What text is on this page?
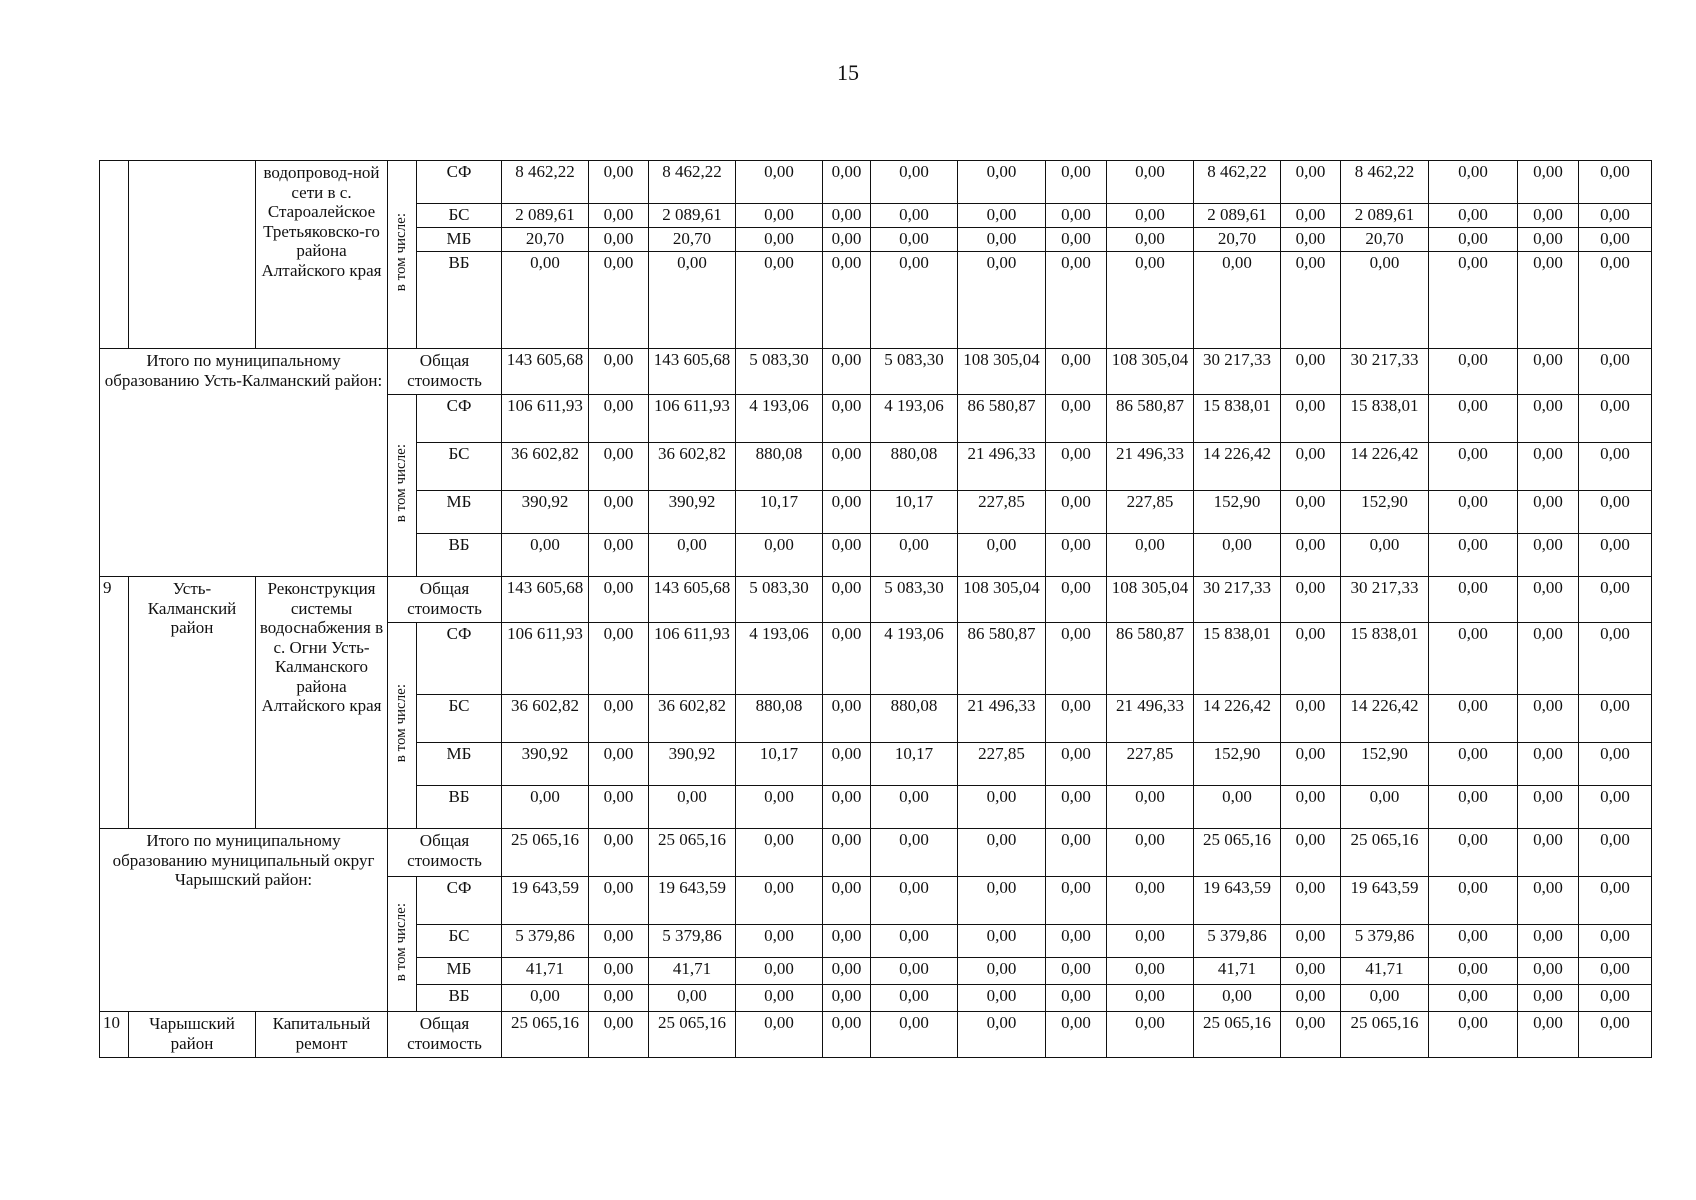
15
		водопровод-ной сети в с. Староалейское Третьяковско-го района Алтайского края	в том числе:	СФ	8 462,22	0,00	8 462,22	0,00	0,00	0,00	0,00	0,00	0,00	8 462,22	0,00	8 462,22	0,00	0,00	0,00
				БС	2 089,61	0,00	2 089,61	0,00	0,00	0,00	0,00	0,00	0,00	2 089,61	0,00	2 089,61	0,00	0,00	0,00
				МБ	20,70	0,00	20,70	0,00	0,00	0,00	0,00	0,00	0,00	20,70	0,00	20,70	0,00	0,00	0,00
				ВБ	0,00	0,00	0,00	0,00	0,00	0,00	0,00	0,00	0,00	0,00	0,00	0,00	0,00	0,00	0,00
Итого по муниципальному образованию Усть-Калманский район:			Общая стоимость		143 605,68	0,00	143 605,68	5 083,30	0,00	5 083,30	108 305,04	0,00	108 305,04	30 217,33	0,00	30 217,33	0,00	0,00	0,00
			в том числе:	СФ	106 611,93	0,00	106 611,93	4 193,06	0,00	4 193,06	86 580,87	0,00	86 580,87	15 838,01	0,00	15 838,01	0,00	0,00	0,00
				БС	36 602,82	0,00	36 602,82	880,08	0,00	880,08	21 496,33	0,00	21 496,33	14 226,42	0,00	14 226,42	0,00	0,00	0,00
				МБ	390,92	0,00	390,92	10,17	0,00	10,17	227,85	0,00	227,85	152,90	0,00	152,90	0,00	0,00	0,00
				ВБ	0,00	0,00	0,00	0,00	0,00	0,00	0,00	0,00	0,00	0,00	0,00	0,00	0,00	0,00	0,00
9	Усть-Калманский район	Реконструкция системы водоснабжения в с. Огни Усть-Калманского района Алтайского края	Общая стоимость		143 605,68	0,00	143 605,68	5 083,30	0,00	5 083,30	108 305,04	0,00	108 305,04	30 217,33	0,00	30 217,33	0,00	0,00	0,00
			в том числе:	СФ	106 611,93	0,00	106 611,93	4 193,06	0,00	4 193,06	86 580,87	0,00	86 580,87	15 838,01	0,00	15 838,01	0,00	0,00	0,00
				БС	36 602,82	0,00	36 602,82	880,08	0,00	880,08	21 496,33	0,00	21 496,33	14 226,42	0,00	14 226,42	0,00	0,00	0,00
				МБ	390,92	0,00	390,92	10,17	0,00	10,17	227,85	0,00	227,85	152,90	0,00	152,90	0,00	0,00	0,00
				ВБ	0,00	0,00	0,00	0,00	0,00	0,00	0,00	0,00	0,00	0,00	0,00	0,00	0,00	0,00	0,00
Итого по муниципальному образованию муниципальный округ Чарышский район:			Общая стоимость		25 065,16	0,00	25 065,16	0,00	0,00	0,00	0,00	0,00	0,00	25 065,16	0,00	25 065,16	0,00	0,00	0,00
			в том числе:	СФ	19 643,59	0,00	19 643,59	0,00	0,00	0,00	0,00	0,00	0,00	19 643,59	0,00	19 643,59	0,00	0,00	0,00
				БС	5 379,86	0,00	5 379,86	0,00	0,00	0,00	0,00	0,00	0,00	5 379,86	0,00	5 379,86	0,00	0,00	0,00
				МБ	41,71	0,00	41,71	0,00	0,00	0,00	0,00	0,00	0,00	41,71	0,00	41,71	0,00	0,00	0,00
				ВБ	0,00	0,00	0,00	0,00	0,00	0,00	0,00	0,00	0,00	0,00	0,00	0,00	0,00	0,00	0,00
10	Чарышский район	Капитальный ремонт	Общая стоимость		25 065,16	0,00	25 065,16	0,00	0,00	0,00	0,00	0,00	0,00	25 065,16	0,00	25 065,16	0,00	0,00	0,00
